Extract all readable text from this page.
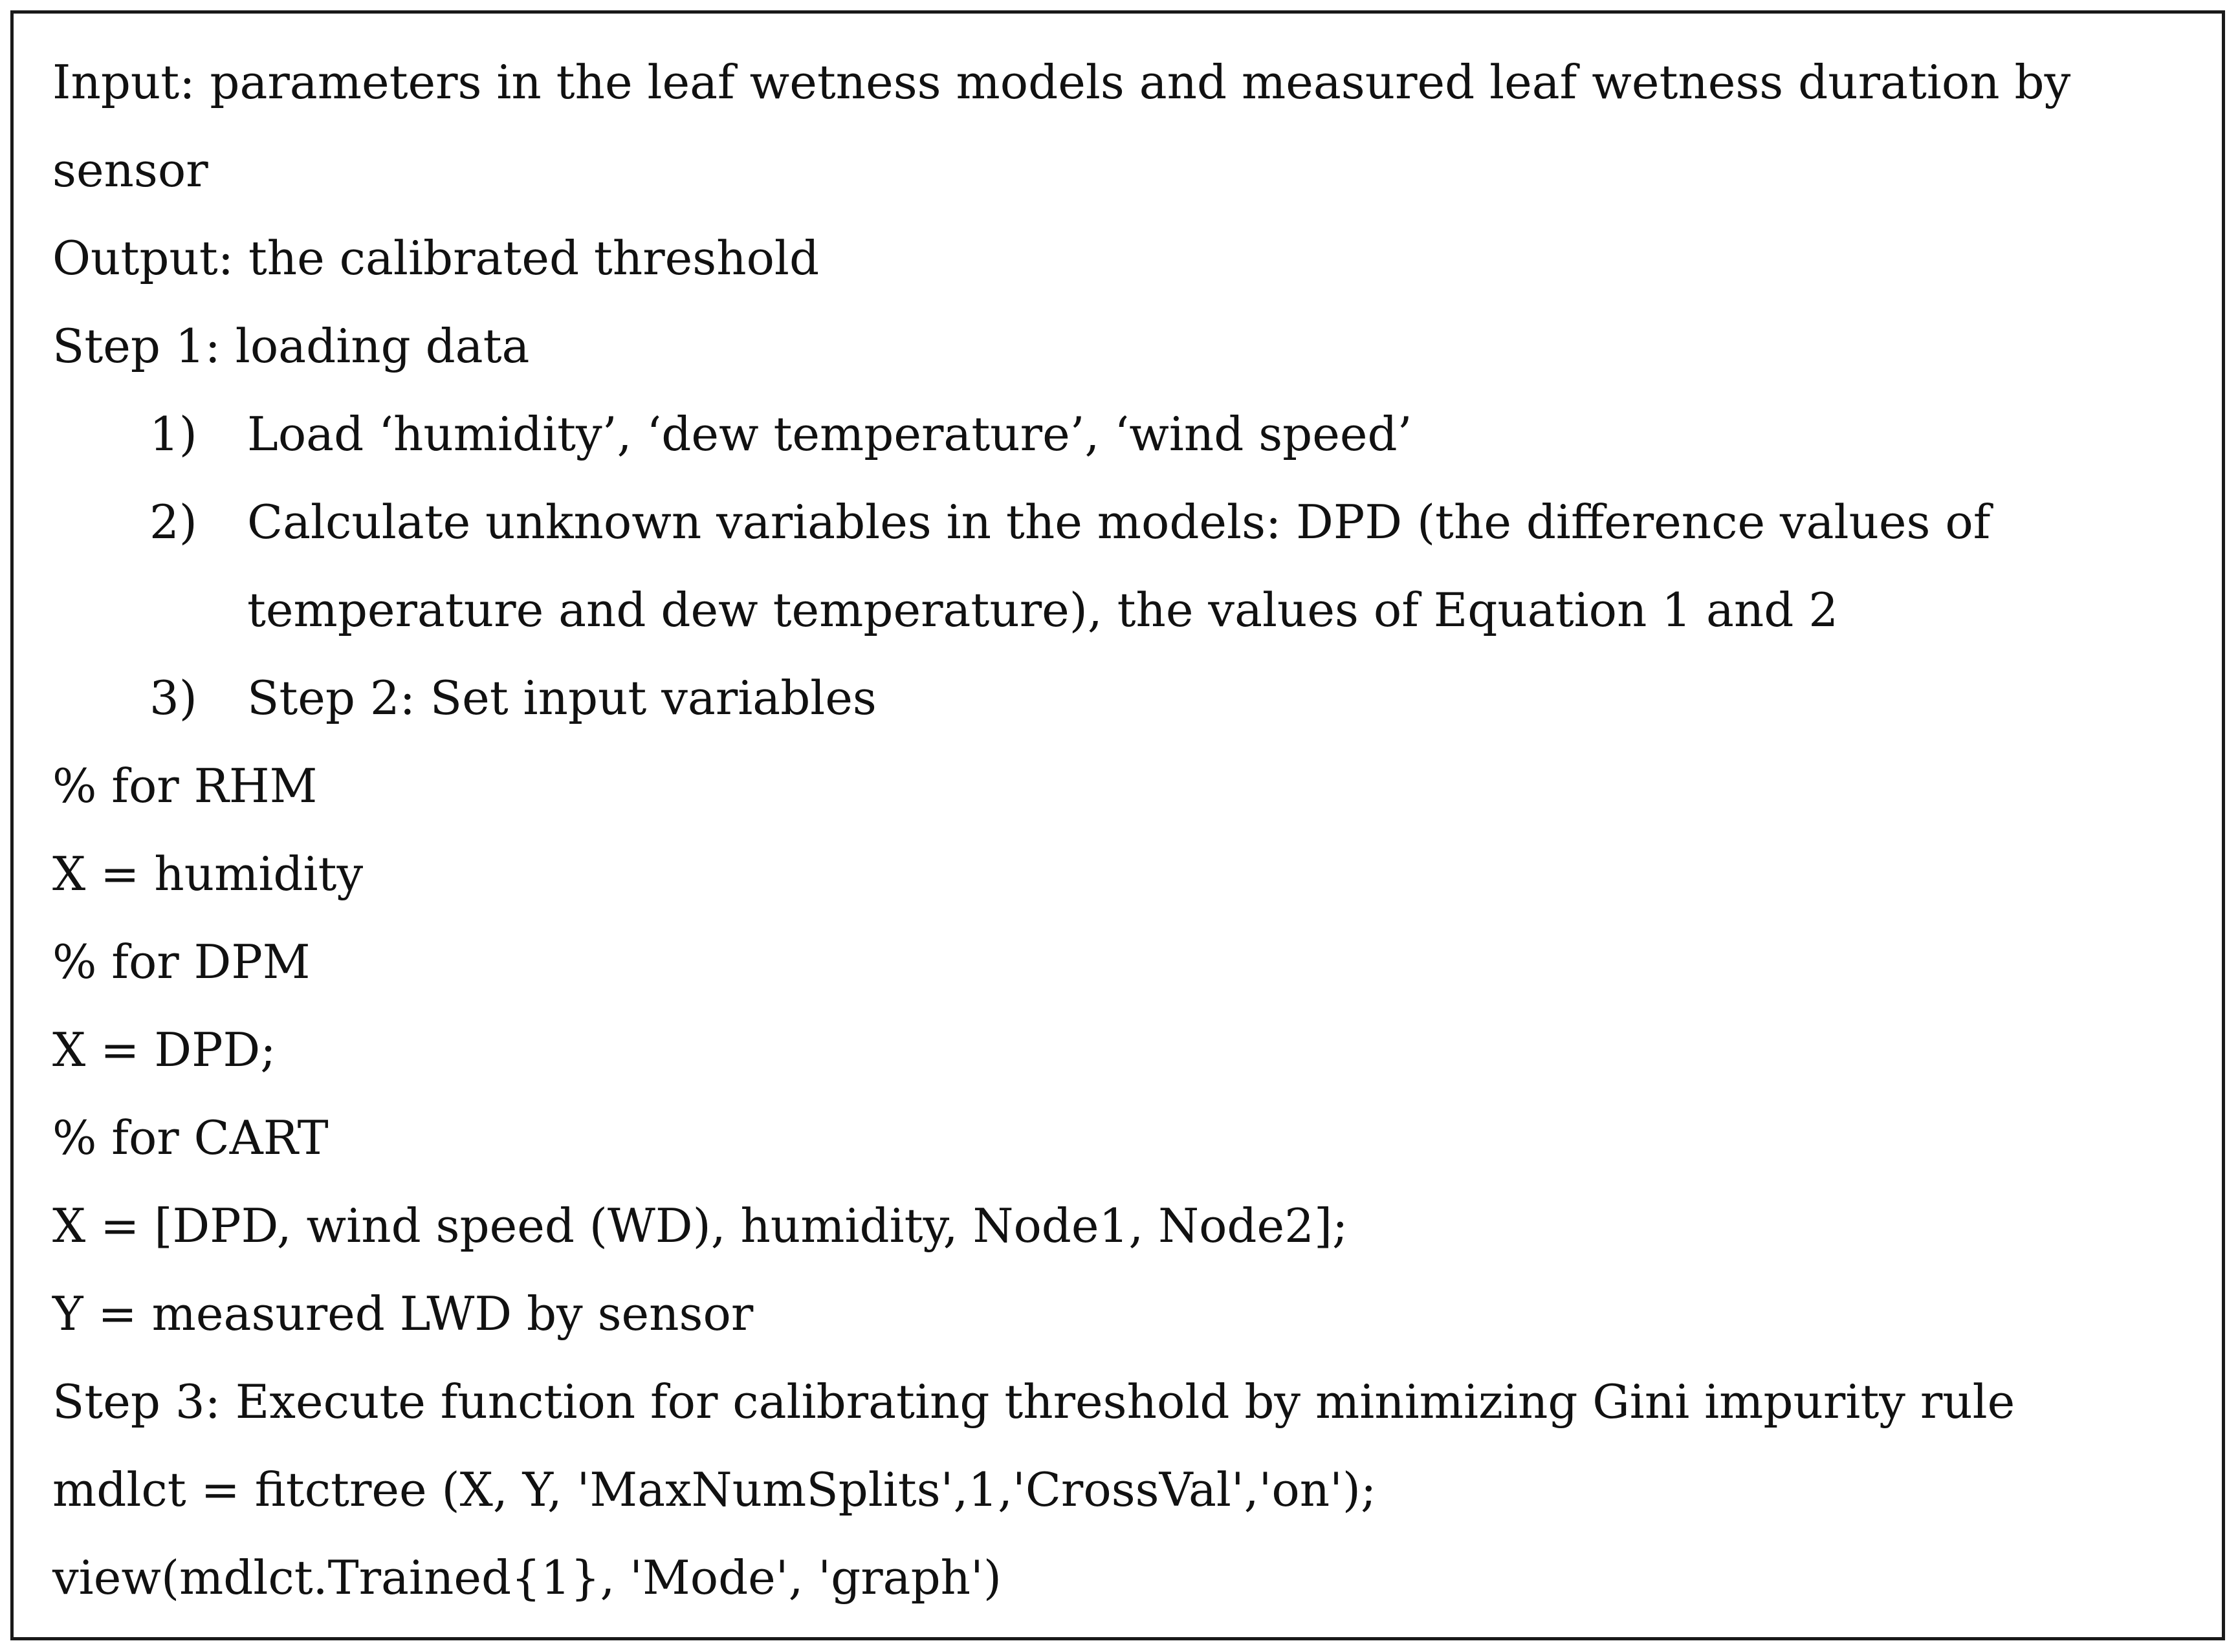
Input: parameters in the leaf wetness models and measured leaf wetness duration by
sensor
Output: the calibrated threshold
Step 1: loading data
1) Load ‘humidity’, ‘dew temperature’, ‘wind speed’
2) Calculate unknown variables in the models: DPD (the difference values of
temperature and dew temperature), the values of Equation 1 and 2
3) Step 2: Set input variables
% for RHM
X = humidity
% for DPM
X = DPD;
% for CART
X = [DPD, wind speed (WD), humidity, Node1, Node2];
Y = measured LWD by sensor
Step 3: Execute function for calibrating threshold by minimizing Gini impurity rule
mdlct = fitctree (X, Y, 'MaxNumSplits',1,'CrossVal','on');
view(mdlct.Trained{1}, 'Mode', 'graph')
